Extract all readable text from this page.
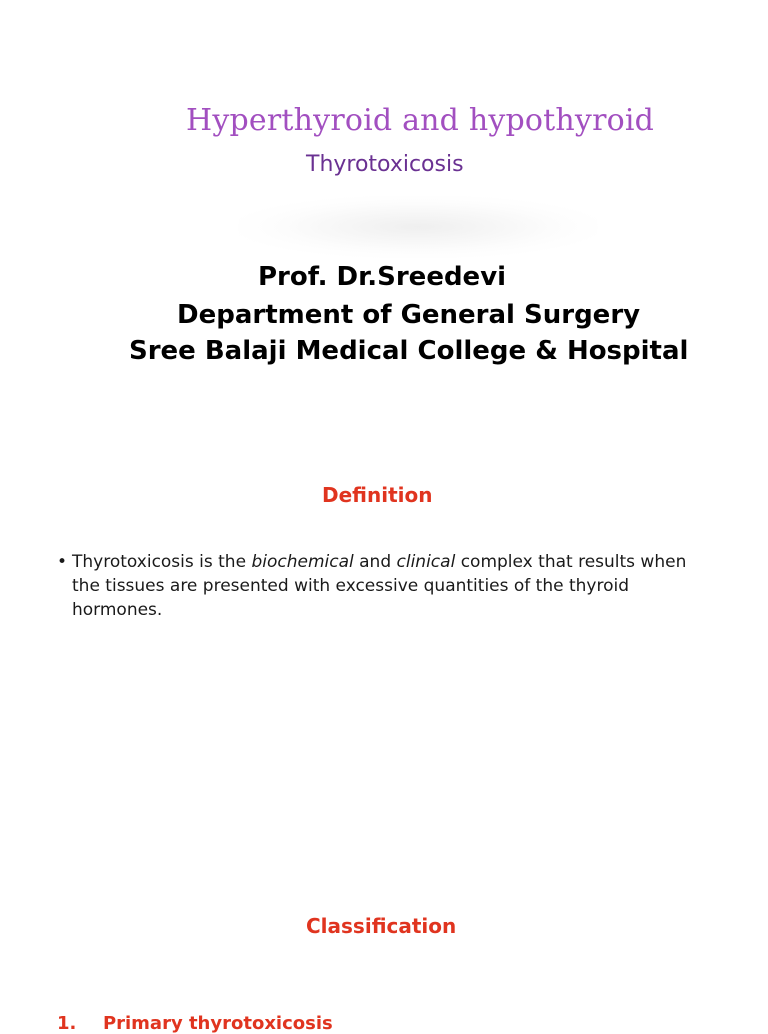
Hyperthyroid and hypothyroid
Thyrotoxicosis
Prof. Dr.Sreedevi
Department of General Surgery
Sree Balaji Medical College & Hospital
Definition
• Thyrotoxicosis is the biochemical and clinical complex that results when the tissues are presented with excessive quantities of the thyroid hormones.
Classification
1. Primary thyrotoxicosis
